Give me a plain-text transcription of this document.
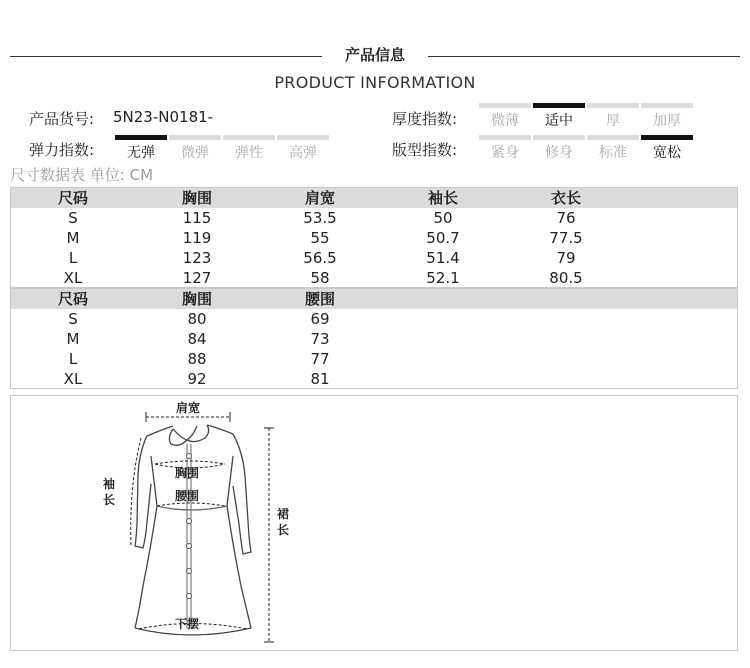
产品信息
PRODUCT INFORMATION
产品货号: 5N23-N0181-
弹力指数:	无弹	微弹	弹性	高弹
厚度指数:	微薄	适中	厚	加厚
版型指数:	紧身	修身	标准	宽松
尺寸数据表 单位: CM
尺码	胸围	肩宽	袖长	衣长
S	115	53.5	50	76
M	119	55	50.7	77.5
L	123	56.5	51.4	79
XL	127	58	52.1	80.5
尺码	胸围	腰围
S	80	69
M	84	73
L	88	77
XL	92	81
肩宽
胸围
腰围
袖长
下摆
裙长
